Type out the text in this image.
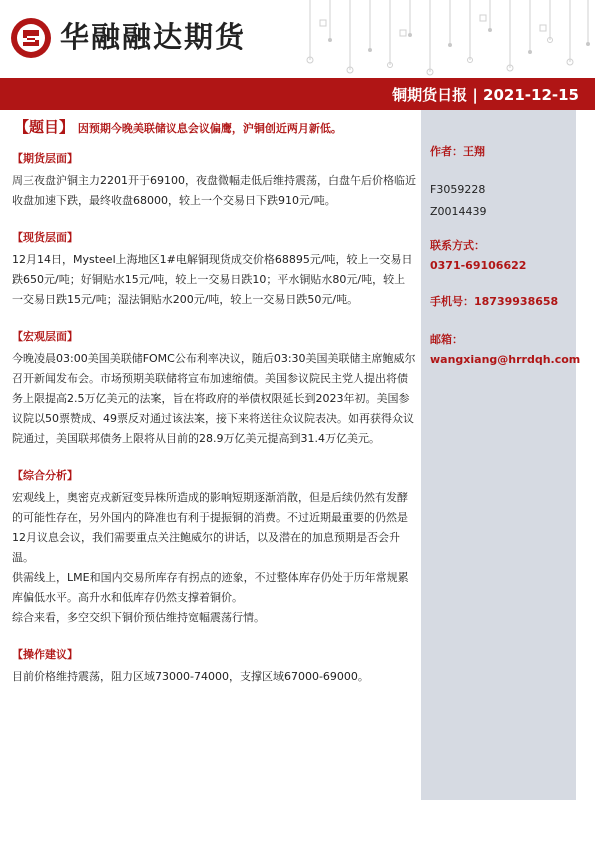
华融融达期货
铜期货日报 | 2021-12-15
【题目】 因预期今晚美联储议息会议偏鹰，沪铜创近两月新低。
【期货层面】
周三夜盘沪铜主力2201开于69100，夜盘微幅走低后维持震荡，白盘午后价格临近收盘加速下跌，最终收盘68000，较上一个交易日下跌910元/吨。
【现货层面】
12月14日，Mysteel上海地区1#电解铜现货成交价格68895元/吨，较上一交易日跌650元/吨；好铜贴水15元/吨，较上一交易日跌10；平水铜贴水80元/吨，较上一交易日跌15元/吨；湿法铜贴水200元/吨，较上一交易日跌50元/吨。
【宏观层面】
今晚凌晨03:00美国美联储FOMC公布利率决议，随后03:30美国美联储主席鲍威尔召开新闻发布会。市场预期美联储将宣布加速缩债。美国参议院民主党人提出将债务上限提高2.5万亿美元的法案，旨在将政府的举债权限延长到2023年初。美国参议院以50票赞成、49票反对通过该法案，接下来将送往众议院表决。如再获得众议院通过，美国联邦债务上限将从目前的28.9万亿美元提高到31.4万亿美元。
【综合分析】
宏观线上，奥密克戎新冠变异株所造成的影响短期逐渐消散，但是后续仍然有发酵的可能性存在，另外国内的降准也有利于提振铜的消费。不过近期最重要的仍然是12月议息会议，我们需要重点关注鲍威尔的讲话，以及潜在的加息预期是否会升温。
供需线上，LME和国内交易所库存有拐点的迹象，不过整体库存仍处于历年常规累库偏低水平。高升水和低库存仍然支撑着铜价。
综合来看，多空交织下铜价预估维持宽幅震荡行情。
【操作建议】
目前价格维持震荡，阻力区域73000-74000，支撑区域67000-69000。
作者：王翔
F3059228
Z0014439
联系方式：
0371-69106622
手机号：18739938658
邮箱：
wangxiang@hrrdqh.com
